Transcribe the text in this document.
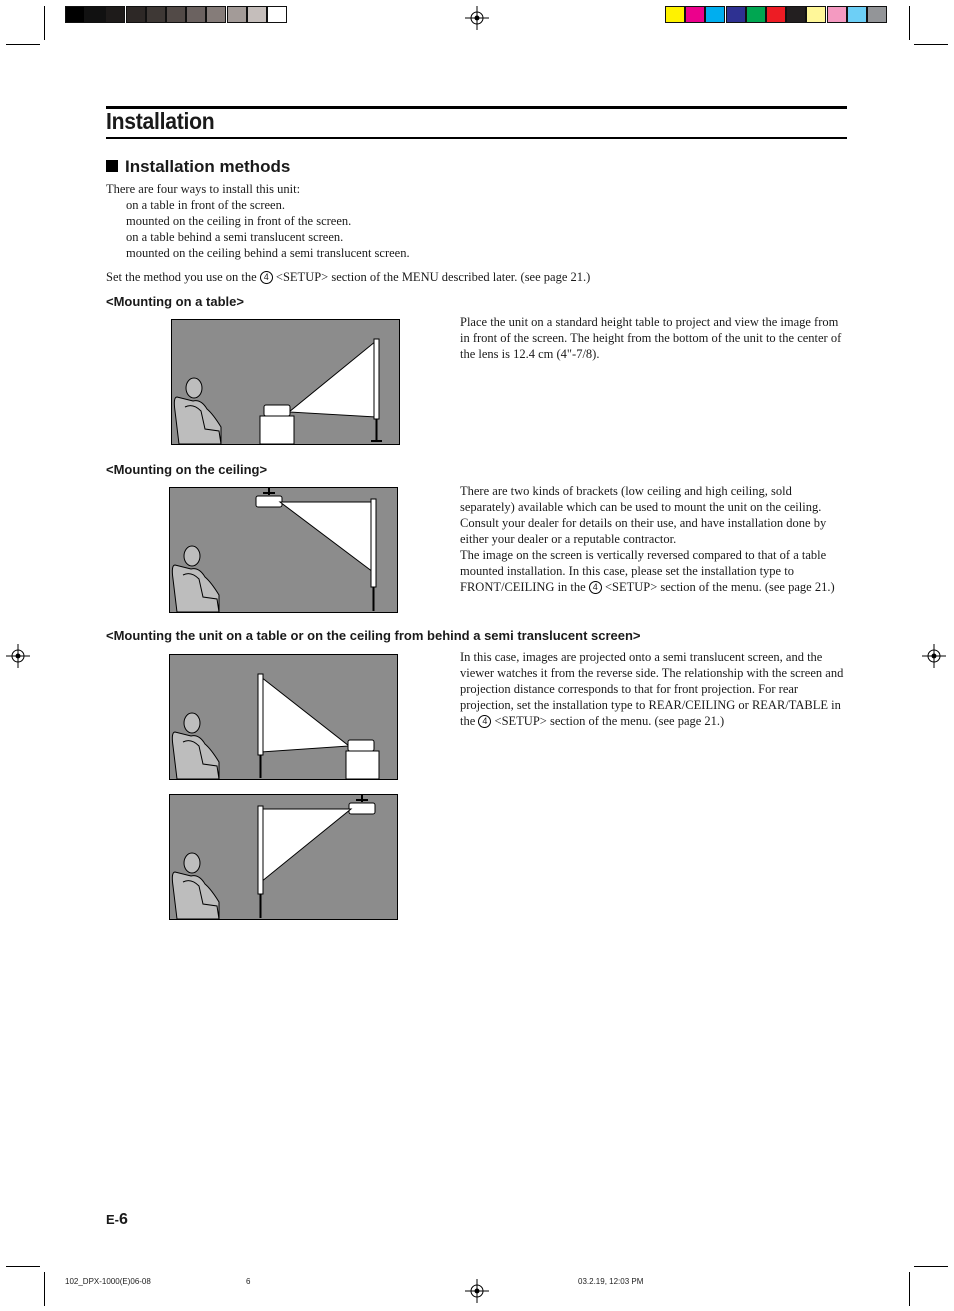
Installation
Installation methods
There are four ways to install this unit:
on a table in front of the screen.
mounted on the ceiling in front of the screen.
on a table behind a semi translucent screen.
mounted on the ceiling behind a semi translucent screen.
Set the method you use on the 4 <SETUP> section of the MENU described later. (see page 21.)
<Mounting on a table>
Place the unit on a standard height table to project and view the image from in front of the screen. The height from the bottom of the unit to the center of the lens is 12.4 cm (4"-7/8).
<Mounting on the ceiling>
There are two kinds of brackets (low ceiling and high ceiling, sold separately) available which can be used to mount the unit on the ceiling. Consult your dealer for details on their use, and have installation done by either your dealer or a reputable contractor.
The image on the screen is vertically reversed compared to that of a table mounted installation. In this case, please set the installation type to FRONT/CEILING in the 4 <SETUP> section of the menu. (see page 21.)
<Mounting the unit on a table or on the ceiling from behind a semi translucent screen>
In this case, images are projected onto a semi translucent screen, and the viewer watches it from the reverse side. The relationship with the screen and projection distance corresponds to that for front projection. For rear projection, set the installation type to REAR/CEILING or REAR/TABLE in the 4 <SETUP> section of the menu. (see page 21.)
E-6
102_DPX-1000(E)06-08	6	03.2.19, 12:03 PM
